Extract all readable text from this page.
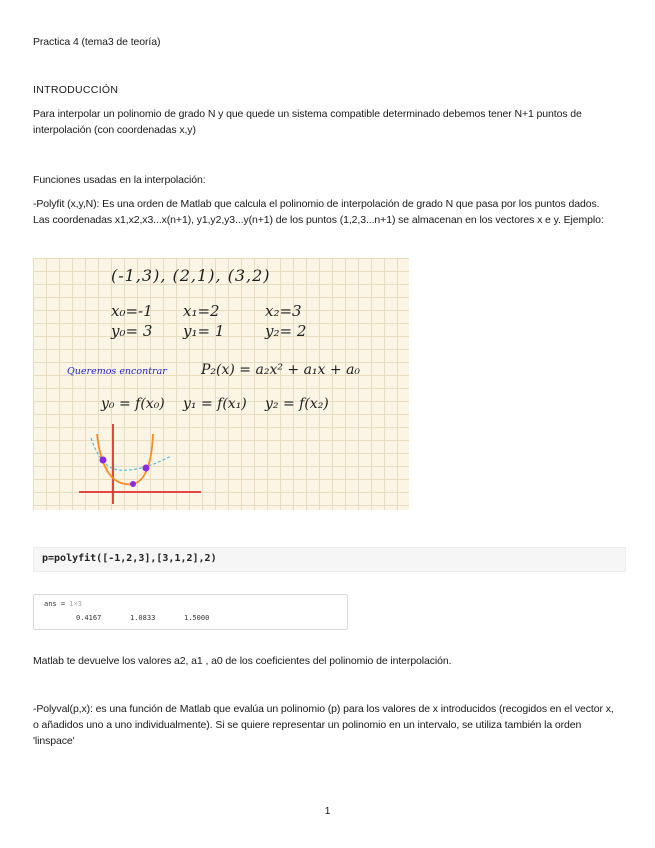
Practica 4 (tema3 de teoría)
INTRODUCCIÓN
Para interpolar un polinomio de grado N y que quede un sistema compatible determinado debemos tener N+1 puntos de interpolación (con coordenadas x,y)
Funciones usadas en la interpolación:
-Polyfit (x,y,N): Es una orden de Matlab que calcula el polinomio de interpolación de grado N que pasa por los puntos dados. Las coordenadas x1,x2,x3...x(n+1), y1,y2,y3...y(n+1) de los puntos (1,2,3...n+1) se almacenan en los vectores x e y. Ejemplo:
(-1,3), (2,1), (3,2)
x₀=-1 x₁=2	x₂=3
y₀= 3 y₁= 1	y₂= 2
Queremos encontrar P₂(x) = a₂x² + a₁x + a₀
y₀ = f(x₀) y₁ = f(x₁) y₂ = f(x₂)
p=polyfit([-1,2,3],[3,1,2],2)
ans = 1×3
0.4167	1.0833	1.5000
Matlab te devuelve los valores a2, a1 , a0 de los coeficientes del polinomio de interpolación.
-Polyval(p,x): es una función de Matlab que evalúa un polinomio (p) para los valores de x introducidos (recogidos en el vector x, o añadidos uno a uno individualmente). Si se quiere representar un polinomio en un intervalo, se utiliza también la orden 'linspace'
1
